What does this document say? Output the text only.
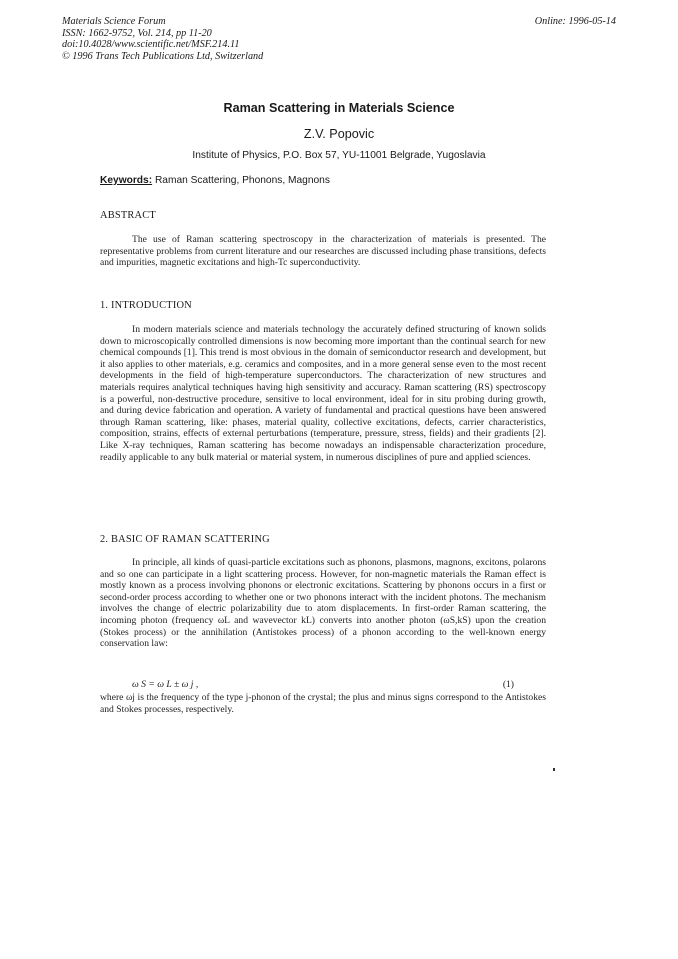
Materials Science Forum
ISSN: 1662-9752, Vol. 214, pp 11-20
doi:10.4028/www.scientific.net/MSF.214.11
© 1996 Trans Tech Publications Ltd, Switzerland
Online: 1996-05-14
Raman Scattering in Materials Science
Z.V. Popovic
Institute of Physics, P.O. Box 57, YU-11001 Belgrade, Yugoslavia
Keywords: Raman Scattering, Phonons, Magnons
ABSTRACT
The use of Raman scattering spectroscopy in the characterization of materials is presented. The representative problems from current literature and our researches are discussed including phase transitions, defects and impurities, magnetic excitations and high-Tc superconductivity.
1. INTRODUCTION
In modern materials science and materials technology the accurately defined structuring of known solids down to microscopically controlled dimensions is now becoming more important than the continual search for new chemical compounds [1]. This trend is most obvious in the domain of semiconductor research and development, but it also applies to other materials, e.g. ceramics and composites, and in a more general sense even to the most recent developments in the field of high-temperature superconductors. The characterization of new structures and materials requires analytical techniques having high sensitivity and accuracy. Raman scattering (RS) spectroscopy is a powerful, non-destructive procedure, sensitive to local environment, ideal for in situ probing during growth, and during device fabrication and operation. A variety of fundamental and practical questions have been answered through Raman scattering, like: phases, material quality, collective excitations, defects, carrier characteristics, composition, strains, effects of external perturbations (temperature, pressure, stress, fields) and their gradients [2]. Like X-ray techniques, Raman scattering has become nowadays an indispensable characterization procedure, readily applicable to any bulk material or material system, in numerous disciplines of pure and applied sciences.
2. BASIC OF RAMAN SCATTERING
In principle, all kinds of quasi-particle excitations such as phonons, plasmons, magnons, excitons, polarons and so one can participate in a light scattering process. However, for non-magnetic materials the Raman effect is mostly known as a process involving phonons or electronic excitations. Scattering by phonons occurs in a first or second-order process according to whether one or two phonons interact with the incident photons. The mechanism involves the change of electric polarizability due to atom displacements. In first-order Raman scattering, the incoming photon (frequency ωL and wavevector kL) converts into another photon (ωS,kS) upon the creation (Stokes process) or the annihilation (Antistokes process) of a phonon according to the well-known energy conservation law:
ω S = ω L ± ω j ,	(1)
where ωj is the frequency of the type j-phonon of the crystal; the plus and minus signs correspond to the Antistokes and Stokes processes, respectively.
